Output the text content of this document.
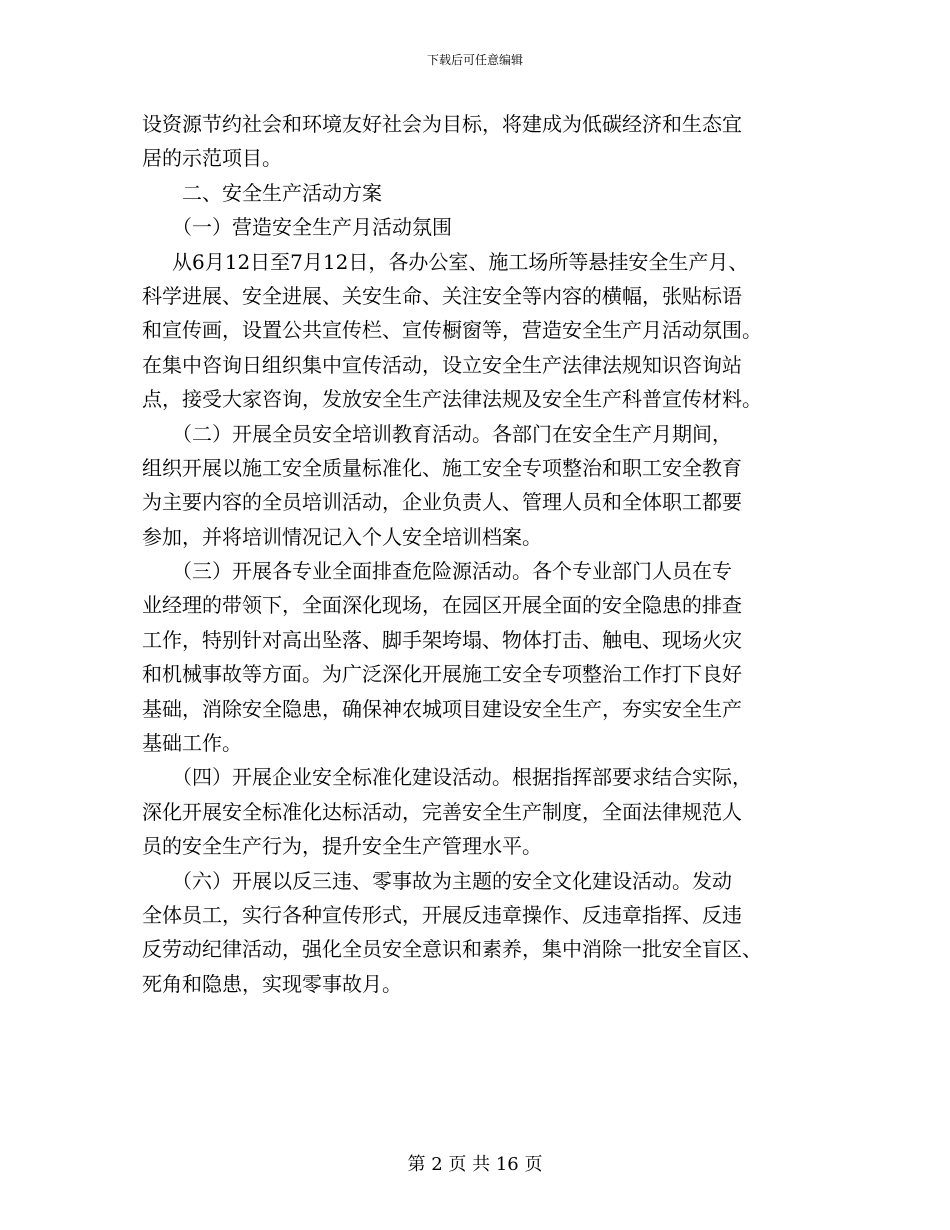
下载后可任意编辑
设资源节约社会和环境友好社会为目标，将建成为低碳经济和生态宜
居的示范项目。
二、安全生产活动方案
（一）营造安全生产月活动氛围
从6月12日至7月12日，各办公室、施工场所等悬挂安全生产月、
科学进展、安全进展、关安生命、关注安全等内容的横幅，张贴标语
和宣传画，设置公共宣传栏、宣传橱窗等，营造安全生产月活动氛围。
在集中咨询日组织集中宣传活动，设立安全生产法律法规知识咨询站
点，接受大家咨询，发放安全生产法律法规及安全生产科普宣传材料。
（二）开展全员安全培训教育活动。各部门在安全生产月期间，
组织开展以施工安全质量标准化、施工安全专项整治和职工安全教育
为主要内容的全员培训活动，企业负责人、管理人员和全体职工都要
参加，并将培训情况记入个人安全培训档案。
（三）开展各专业全面排查危险源活动。各个专业部门人员在专
业经理的带领下，全面深化现场，在园区开展全面的安全隐患的排查
工作，特别针对高出坠落、脚手架垮塌、物体打击、触电、现场火灾
和机械事故等方面。为广泛深化开展施工安全专项整治工作打下良好
基础，消除安全隐患，确保神农城项目建设安全生产，夯实安全生产
基础工作。
（四）开展企业安全标准化建设活动。根据指挥部要求结合实际，
深化开展安全标准化达标活动，完善安全生产制度，全面法律规范人
员的安全生产行为，提升安全生产管理水平。
（六）开展以反三违、零事故为主题的安全文化建设活动。发动
全体员工，实行各种宣传形式，开展反违章操作、反违章指挥、反违
反劳动纪律活动，强化全员安全意识和素养，集中消除一批安全盲区、
死角和隐患，实现零事故月。
第 2 页 共 16 页
